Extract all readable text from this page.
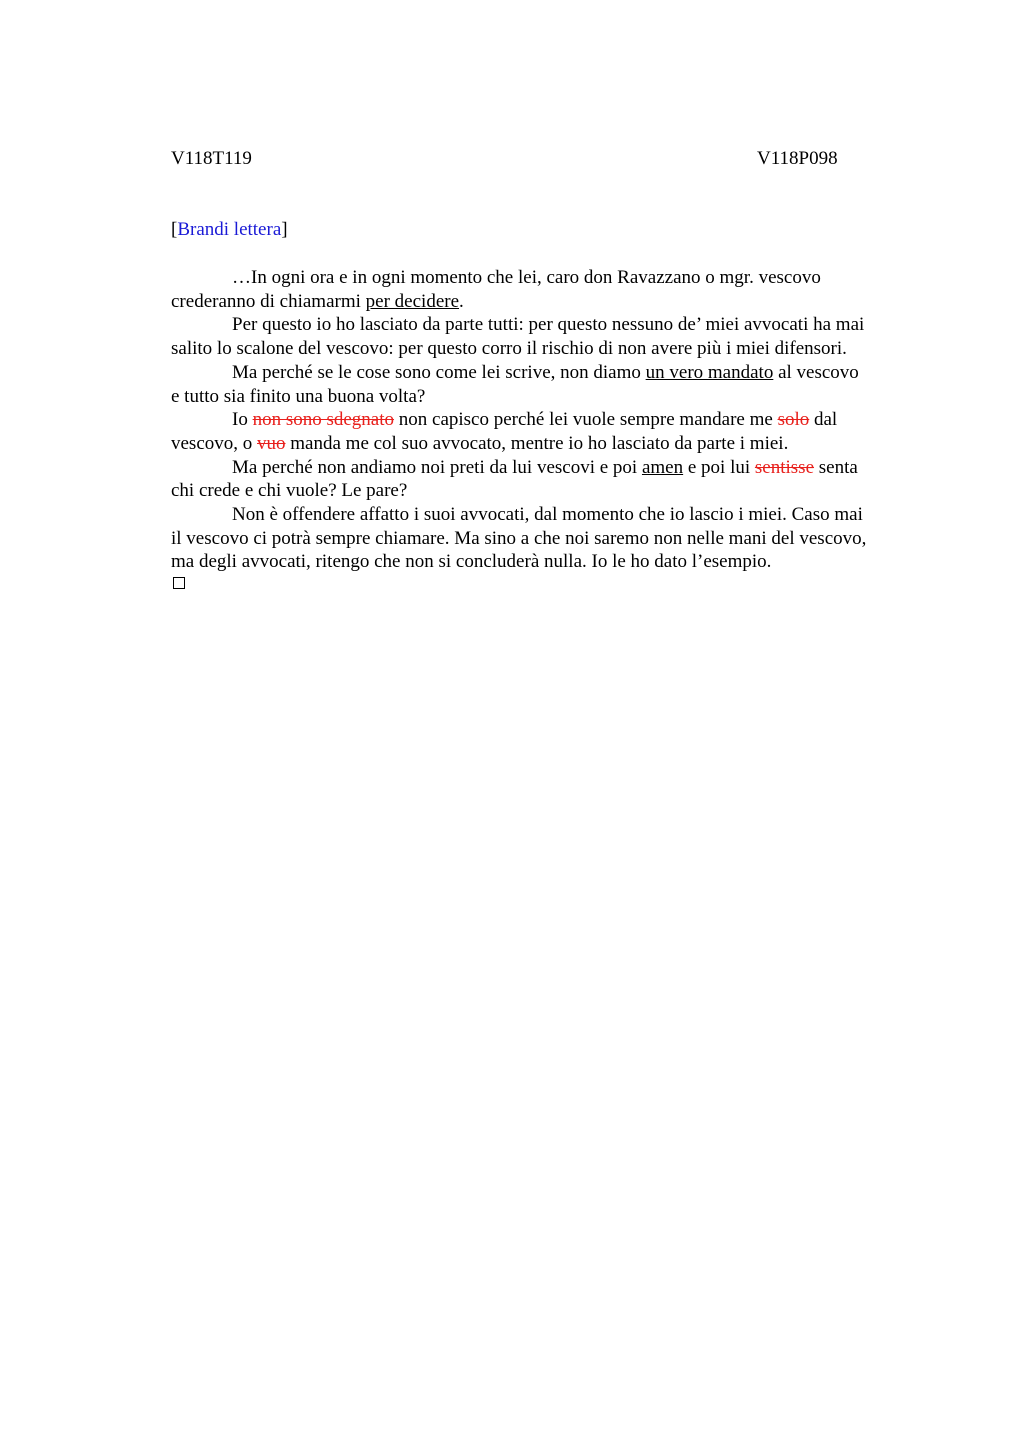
V118T119	V118P098
[Brandi lettera]

…In ogni ora e in ogni momento che lei, caro don Ravazzano o mgr. vescovo
crederanno di chiamarmi per decidere.

Per questo io ho lasciato da parte tutti: per questo nessuno de’ miei avvocati ha mai
salito lo scalone del vescovo: per questo corro il rischio di non avere più i miei difensori.

Ma perché se le cose sono come lei scrive, non diamo un vero mandato al vescovo
e tutto sia finito una buona volta?

Io non sono sdegnato non capisco perché lei vuole sempre mandare me solo dal
vescovo, o vuo manda me col suo avvocato, mentre io ho lasciato da parte i miei.

Ma perché non andiamo noi preti da lui vescovi e poi amen e poi lui sentisse senta
chi crede e chi vuole? Le pare?

Non è offendere affatto i suoi avvocati, dal momento che io lascio i miei. Caso mai
il vescovo ci potrà sempre chiamare. Ma sino a che noi saremo non nelle mani del vescovo,
ma degli avvocati, ritengo che non si concluderà nulla. Io le ho dato l’esempio.
